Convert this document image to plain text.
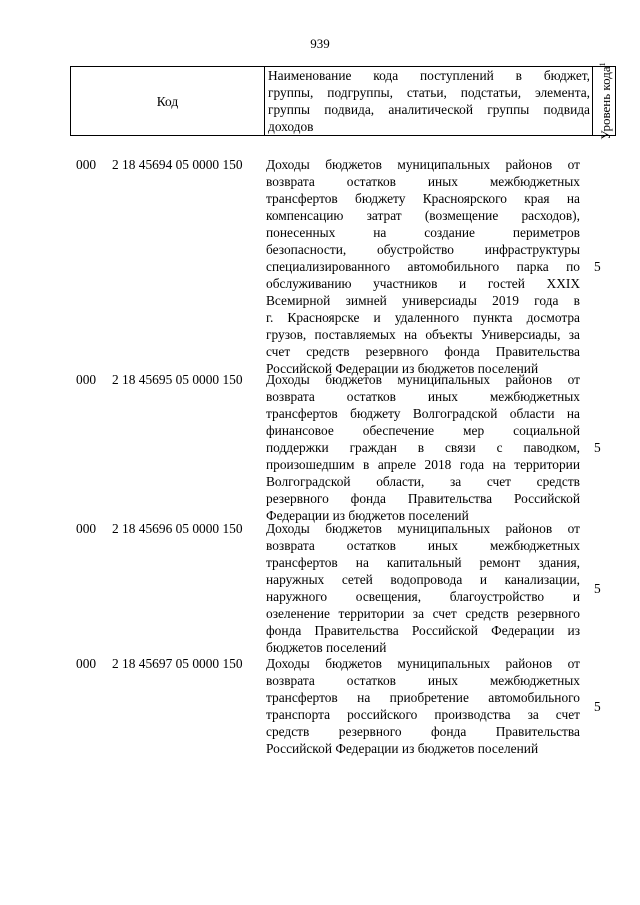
939
Код	
Наименование кода поступлений в бюджет,
группы, подгруппы, статьи, подстатьи, элемента,
группы подвида, аналитической группы подвида
доходов	Уровень кода$^1$
000 2 18 45694 05 0000 150 Доходы бюджетов муниципальных районов от
возврата остатков иных межбюджетных
трансфертов бюджету Красноярского края на
компенсацию затрат (возмещение расходов),
понесенных на создание периметров
безопасности, обустройство инфраструктуры
специализированного автомобильного парка по
обслуживанию участников и гостей XXIX
Всемирной зимней универсиады 2019 года в
г. Красноярске и удаленного пункта досмотра
грузов, поставляемых на объекты Универсиады, за
счет средств резервного фонда Правительства
Российской Федерации из бюджетов поселений
5
000 2 18 45695 05 0000 150 Доходы бюджетов муниципальных районов от
возврата остатков иных межбюджетных
трансфертов бюджету Волгоградской области на
финансовое обеспечение мер социальной
поддержки граждан в связи с паводком,
произошедшим в апреле 2018 года на территории
Волгоградской области, за счет средств
резервного фонда Правительства Российской
Федерации из бюджетов поселений
5
000 2 18 45696 05 0000 150 Доходы бюджетов муниципальных районов от
возврата остатков иных межбюджетных
трансфертов на капитальный ремонт здания,
наружных сетей водопровода и канализации,
наружного освещения, благоустройство и
озеленение территории за счет средств резервного
фонда Правительства Российской Федерации из
бюджетов поселений
5
000 2 18 45697 05 0000 150 Доходы бюджетов муниципальных районов от
возврата остатков иных межбюджетных
трансфертов на приобретение автомобильного
транспорта российского производства за счет
средств резервного фонда Правительства
Российской Федерации из бюджетов поселений
5
